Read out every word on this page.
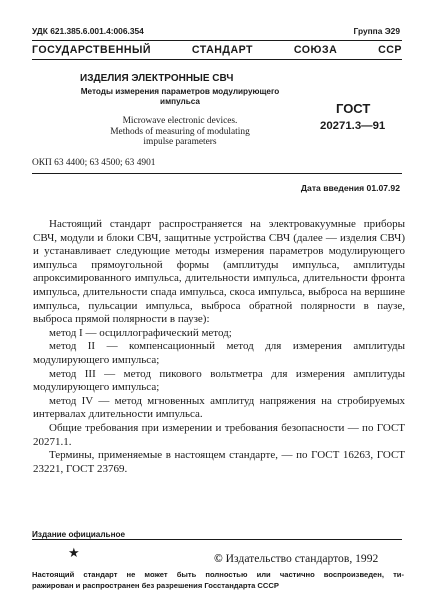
УДК 621.385.6.001.4:006.354	Группа Э29
ГОСУДАРСТВЕННЫЙ СТАНДАРТ СОЮЗА ССР
ИЗДЕЛИЯ ЭЛЕКТРОННЫЕ СВЧ
Методы измерения параметров модулирующего
импульса
Microwave electronic devices.
Methods of measuring of modulating
impulse parameters
ГОСТ
20271.3—91
ОКП 63 4400; 63 4500; 63 4901
Дата введения 01.07.92

Настоящий стандарт распространяется на электровакуумные приборы СВЧ, модули и блоки СВЧ, защитные устройства СВЧ (далее — изделия СВЧ) и устанавливает следующие методы измерения параметров модулирующего импульса прямоугольной формы (амплитуды импульса, амплитуды апроксимированного импульса, длительности импульса, длительности фронта импульса, длительности спада импульса, скоса импульса, выброса на вершине импульса, пульсации импульса, выброса обратной полярности в паузе, выброса прямой полярности в паузе):

метод I — осциллографический метод;

метод II — компенсационный метод для измерения амплитуды модулирующего импульса;

метод III — метод пикового вольтметра для измерения амплитуды модулирующего импульса;

метод IV — метод мгновенных амплитуд напряжения на стробируемых интервалах длительности импульса.

Общие требования при измерении и требования безопасности — по ГОСТ 20271.1.

Термины, применяемые в настоящем стандарте, — по ГОСТ 16263, ГОСТ 23221, ГОСТ 23769.

Издание официальное
★	© Издательство стандартов, 1992
Настоящий стандарт не может быть полностью или частично воспроизведен, ти-
ражирован и распространен без разрешения Госстандарта СССР
